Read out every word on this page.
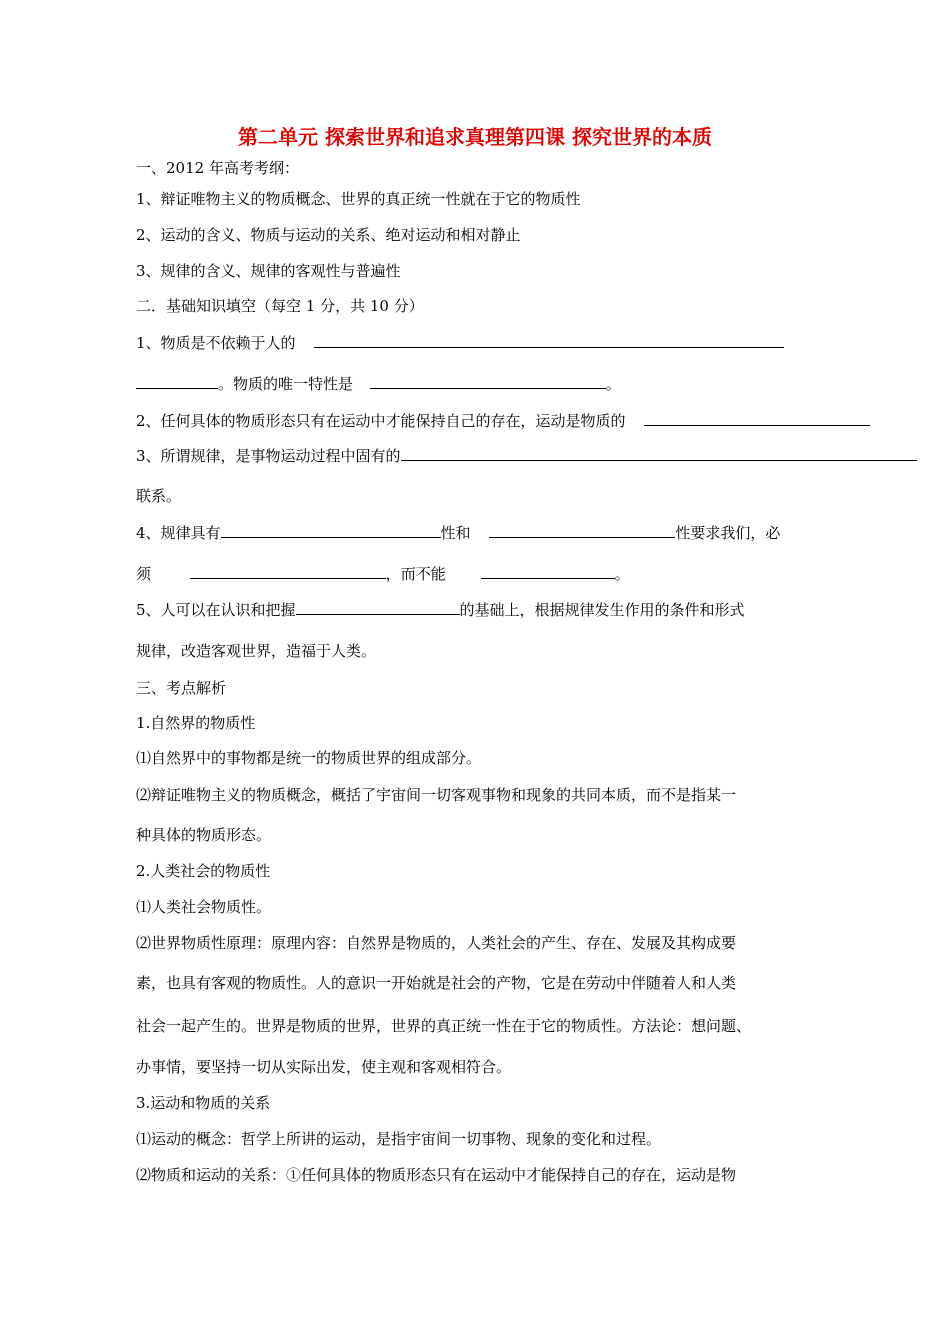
第二单元 探索世界和追求真理第四课 探究世界的本质
一、2012 年高考考纲：
1、辩证唯物主义的物质概念、世界的真正统一性就在于它的物质性
2、运动的含义、物质与运动的关系、绝对运动和相对静止
3、规律的含义、规律的客观性与普遍性
二．基础知识填空（每空 1 分，共 10 分）
1、物质是不依赖于人的
。物质的唯一特性是	。
2、任何具体的物质形态只有在运动中才能保持自己的存在，运动是物质的
3、所谓规律，是事物运动过程中固有的
联系。
4、规律具有	性和	性要求我们，必
须	，而不能	。
5、人可以在认识和把握	的基础上，根据规律发生作用的条件和形式
规律，改造客观世界，造福于人类。
三、考点解析
1.自然界的物质性
⑴自然界中的事物都是统一的物质世界的组成部分。
⑵辩证唯物主义的物质概念，概括了宇宙间一切客观事物和现象的共同本质，而不是指某一
种具体的物质形态。
2.人类社会的物质性
⑴人类社会物质性。
⑵世界物质性原理：原理内容：自然界是物质的，人类社会的产生、存在、发展及其构成要
素，也具有客观的物质性。人的意识一开始就是社会的产物，它是在劳动中伴随着人和人类
社会一起产生的。世界是物质的世界，世界的真正统一性在于它的物质性。方法论：想问题、
办事情，要坚持一切从实际出发，使主观和客观相符合。
3.运动和物质的关系
⑴运动的概念：哲学上所讲的运动，是指宇宙间一切事物、现象的变化和过程。
⑵物质和运动的关系：①任何具体的物质形态只有在运动中才能保持自己的存在，运动是物
